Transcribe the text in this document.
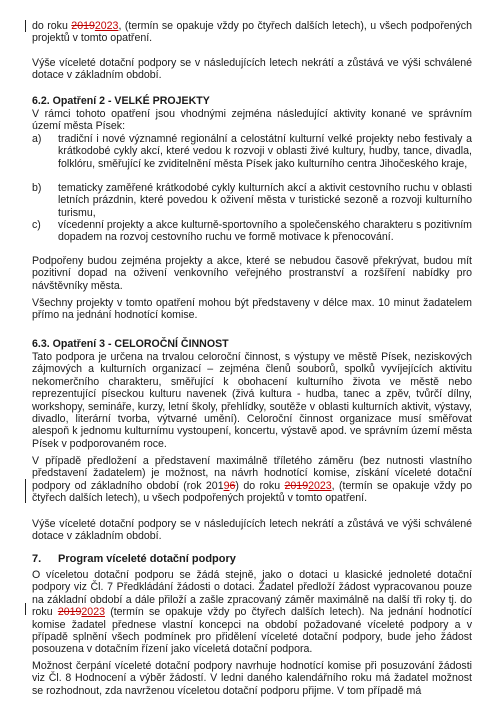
do roku 20192023, (termín se opakuje vždy po čtyřech dalších letech), u všech podpořených projektů v tomto opatření.

Výše víceleté dotační podpory se v následujících letech nekrátí a zůstává ve výši schválené dotace v základním období.

6.2. Opatření 2 - VELKÉ PROJEKTY

V rámci tohoto opatření jsou vhodnými zejména následující aktivity konané ve správním území města Písek:

a) tradiční i nové významné regionální a celostátní kulturní velké projekty nebo festivaly a krátkodobé cykly akcí, které vedou k rozvoji v oblasti živé kultury, hudby, tance, divadla, folklóru, směřující ke zviditelnění města Písek jako kulturního centra Jihočeského kraje,
b) tematicky zaměřené krátkodobé cykly kulturních akcí a aktivit cestovního ruchu v oblasti letních prázdnin, které povedou k oživení města v turistické sezoně a rozvoji kulturního turismu,
c) vícedenní projekty a akce kulturně-sportovního a společenského charakteru s pozitivním dopadem na rozvoj cestovního ruchu ve formě motivace k přenocování.

Podpořeny budou zejména projekty a akce, které se nebudou časově překrývat, budou mít pozitivní dopad na oživení venkovního veřejného prostranství a rozšíření nabídky pro návštěvníky města.

Všechny projekty v tomto opatření mohou být představeny v délce max. 10 minut žadatelem přímo na jednání hodnotící komise.

6.3. Opatření 3 - CELOROČNÍ ČINNOST

Tato podpora je určena na trvalou celoroční činnost, s výstupy ve městě Písek, neziskových zájmových a kulturních organizací – zejména členů souborů, spolků vyvíjejících aktivitu nekomerčního charakteru, směřující k obohacení kulturního života ve městě nebo reprezentující píseckou kulturu navenek (živá kultura - hudba, tanec a zpěv, tvůrčí dílny, workshopy, semináře, kurzy, letní školy, přehlídky, soutěže v oblasti kulturních aktivit, výstavy, divadlo, literární tvorba, výtvarné umění). Celoroční činnost organizace musí směřovat alespoň k jednomu kulturnímu vystoupení, koncertu, výstavě apod. ve správním území města Písek v podporovaném roce.

V případě předložení a představení maximálně tříletého záměru (bez nutnosti vlastního představení žadatelem) je možnost, na návrh hodnotící komise, získání víceleté dotační podpory od základního období (rok 20196) do roku 20192023, (termín se opakuje vždy po čtyřech dalších letech), u všech podpořených projektů v tomto opatření.

Výše víceleté dotační podpory se v následujících letech nekrátí a zůstává ve výši schválené dotace v základním období.

7. Program víceleté dotační podpory

O víceletou dotační podporu se žádá stejně, jako o dotaci u klasické jednoleté dotační podpory viz Čl. 7 Předkládání žádosti o dotaci. Žadatel předloží žádost vypracovanou pouze na základní období a dále přiloží a zašle zpracovaný záměr maximálně na další tři roky tj. do roku 20192023 (termín se opakuje vždy po čtyřech dalších letech). Na jednání hodnotící komise žadatel přednese vlastní koncepci na období požadované víceleté podpory a v případě splnění všech podmínek pro přidělení víceleté dotační podpory, bude jeho žádost posouzena v dotačním řízení jako víceletá dotační podpora.

Možnost čerpání víceleté dotační podpory navrhuje hodnotící komise při posuzování žádosti viz Čl. 8 Hodnocení a výběr žádostí. V ledni daného kalendářního roku má žadatel možnost se rozhodnout, zda navrženou víceletou dotační podporu přijme. V tom případě má
